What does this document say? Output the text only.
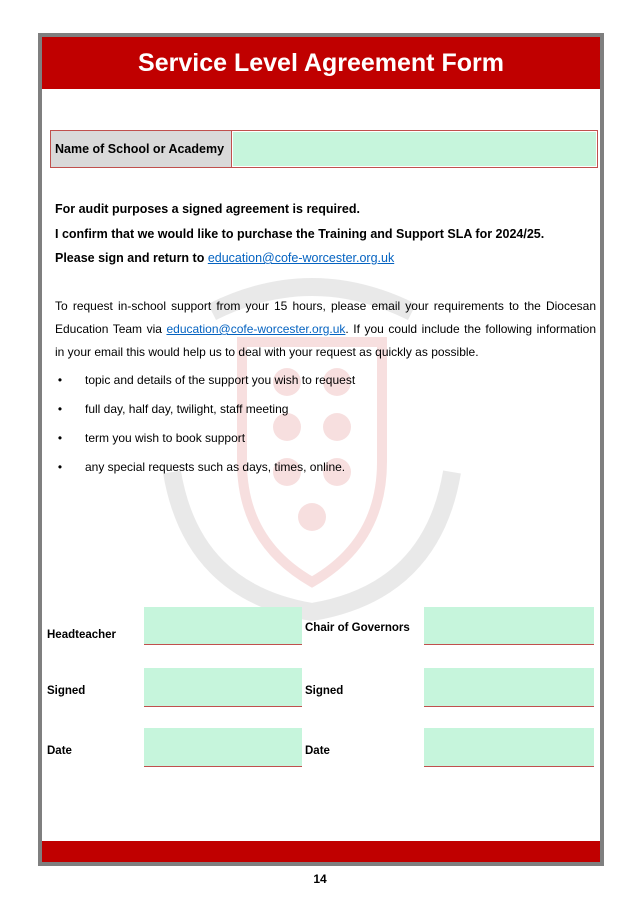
Service Level Agreement Form
Name of School or Academy
For audit purposes a signed agreement is required.
I confirm that we would like to purchase the Training and Support SLA for 2024/25.
Please sign and return to education@cofe-worcester.org.uk
To request in-school support from your 15 hours, please email your requirements to the Diocesan Education Team via education@cofe-worcester.org.uk. If you could include the following information in your email this would help us to deal with your request as quickly as possible.
• topic and details of the support you wish to request
• full day, half day, twilight, staff meeting
• term you wish to book support
• any special requests such as days, times, online.
Headteacher
Chair of Governors
Signed	Signed
Date	Date
14
